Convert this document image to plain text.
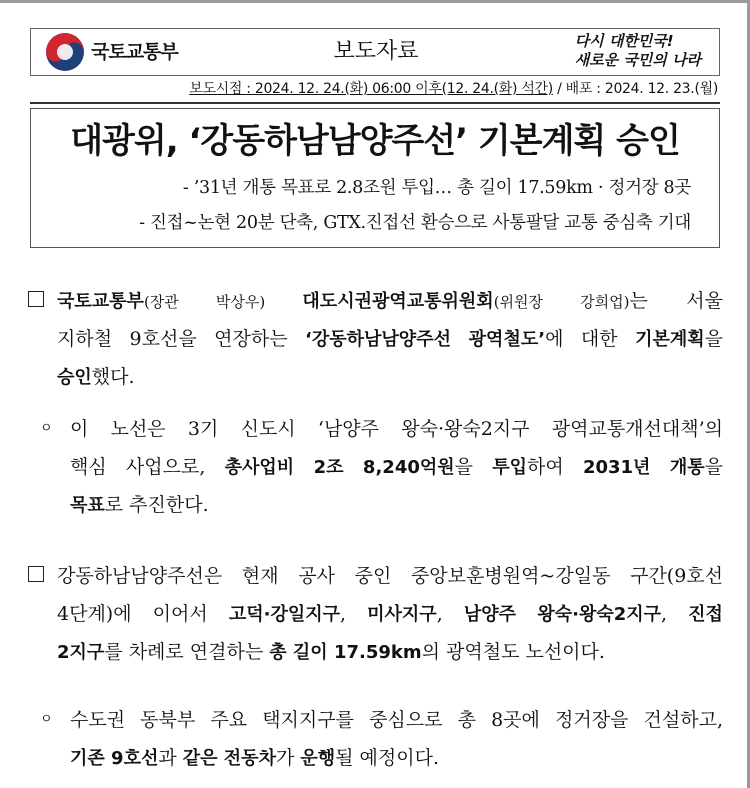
국토교통부	보도자료	다시 대한민국!
새로운 국민의 나라
보도시점 : 2024. 12. 24.(화) 06:00 이후(12. 24.(화) 석간) / 배포 : 2024. 12. 23.(월)
대광위, ‘강동하남남양주선’ 기본계획 승인
- ’31년 개통 목표로 2.8조원 투입… 총 길이 17.59km · 정거장 8곳
- 진접~논현 20분 단축, GTX.진접선 환승으로 사통팔달 교통 중심축 기대
국토교통부(장관 박상우) 대도시권광역교통위원회(위원장 강희업)는 서울
지하철 9호선을 연장하는 ‘강동하남남양주선 광역철도’에 대한 기본계획을
승인했다.
ㅇ 이 노선은 3기 신도시 ‘남양주 왕숙·왕숙2지구 광역교통개선대책’의
핵심 사업으로, 총사업비 2조 8,240억원을 투입하여 2031년 개통을
목표로 추진한다.
강동하남남양주선은 현재 공사 중인 중앙보훈병원역~강일동 구간(9호선
4단계)에 이어서 고덕·강일지구, 미사지구, 남양주 왕숙·왕숙2지구, 진접
2지구를 차례로 연결하는 총 길이 17.59km의 광역철도 노선이다.
ㅇ 수도권 동북부 주요 택지지구를 중심으로 총 8곳에 정거장을 건설하고,
기존 9호선과 같은 전동차가 운행될 예정이다.
